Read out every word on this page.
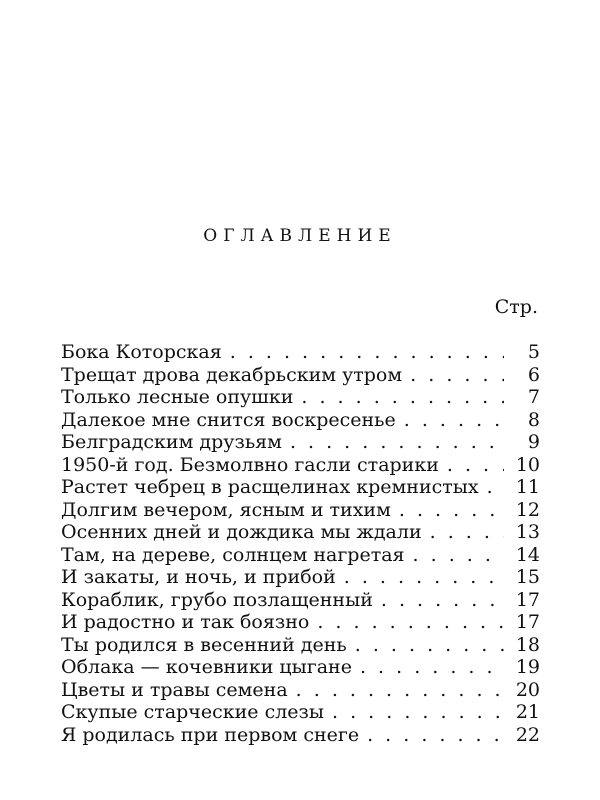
ОГЛАВЛЕНИЕ
Стр.
Бока Которская . . .	5
Трещат дрова декабрьским утром . . .	6
Только лесные опушки . . .	7
Далекое мне снится воскресенье . . .	8
Белградским друзьям . . .	9
1950-й год. Безмолвно гасли старики . . .	10
Растет чебрец в расщелинах кремнистых . . .	11
Долгим вечером, ясным и тихим . . .	12
Осенних дней и дождика мы ждали . . .	13
Там, на дереве, солнцем нагретая . . .	14
И закаты, и ночь, и прибой . . .	15
Кораблик, грубо позлащенный . . .	17
И радостно и так боязно . . .	17
Ты родился в весенний день . . .	18
Облака — кочевники цыгане . . .	19
Цветы и травы семена . . .	20
Скупые старческие слезы . . .	21
Я родилась при первом снеге . . .	22
